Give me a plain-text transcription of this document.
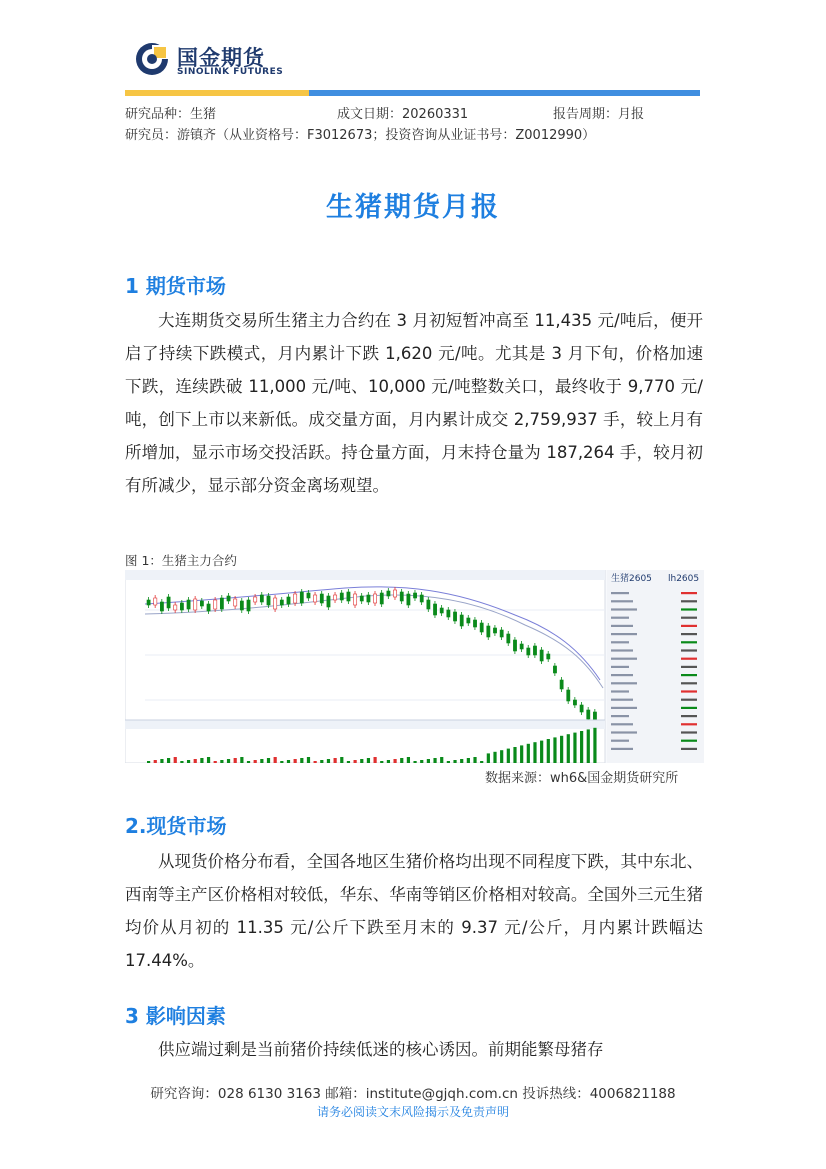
国金期货
SINOLINK FUTURES
研究品种：生猪	成文日期：20260331	报告周期：月报
研究员：游镇齐（从业资格号：F3012673；投资咨询从业证书号：Z0012990）
生猪期货月报
1 期货市场

大连期货交易所生猪主力合约在 3 月初短暂冲高至 11,435 元/吨后，便开启了持续下跌模式，月内累计下跌 1,620 元/吨。尤其是 3 月下旬，价格加速下跌，连续跌破 11,000 元/吨、10,000 元/吨整数关口，最终收于 9,770 元/吨，创下上市以来新低。成交量方面，月内累计成交 2,759,937 手，较上月有所增加，显示市场交投活跃。持仓量方面，月末持仓量为 187,264 手，较月初有所减少，显示部分资金离场观望。

图 1：生猪主力合约
生猪2605 lh2605
数据来源：wh6&国金期货研究所
2.现货市场

从现货价格分布看，全国各地区生猪价格均出现不同程度下跌，其中东北、西南等主产区价格相对较低，华东、华南等销区价格相对较高。全国外三元生猪均价从月初的 11.35 元/公斤下跌至月末的 9.37 元/公斤，月内累计跌幅达 17.44%。

3 影响因素

供应端过剩是当前猪价持续低迷的核心诱因。前期能繁母猪存

研究咨询：028 6130 3163 邮箱：institute@gjqh.com.cn 投诉热线：4006821188
请务必阅读文末风险揭示及免责声明
